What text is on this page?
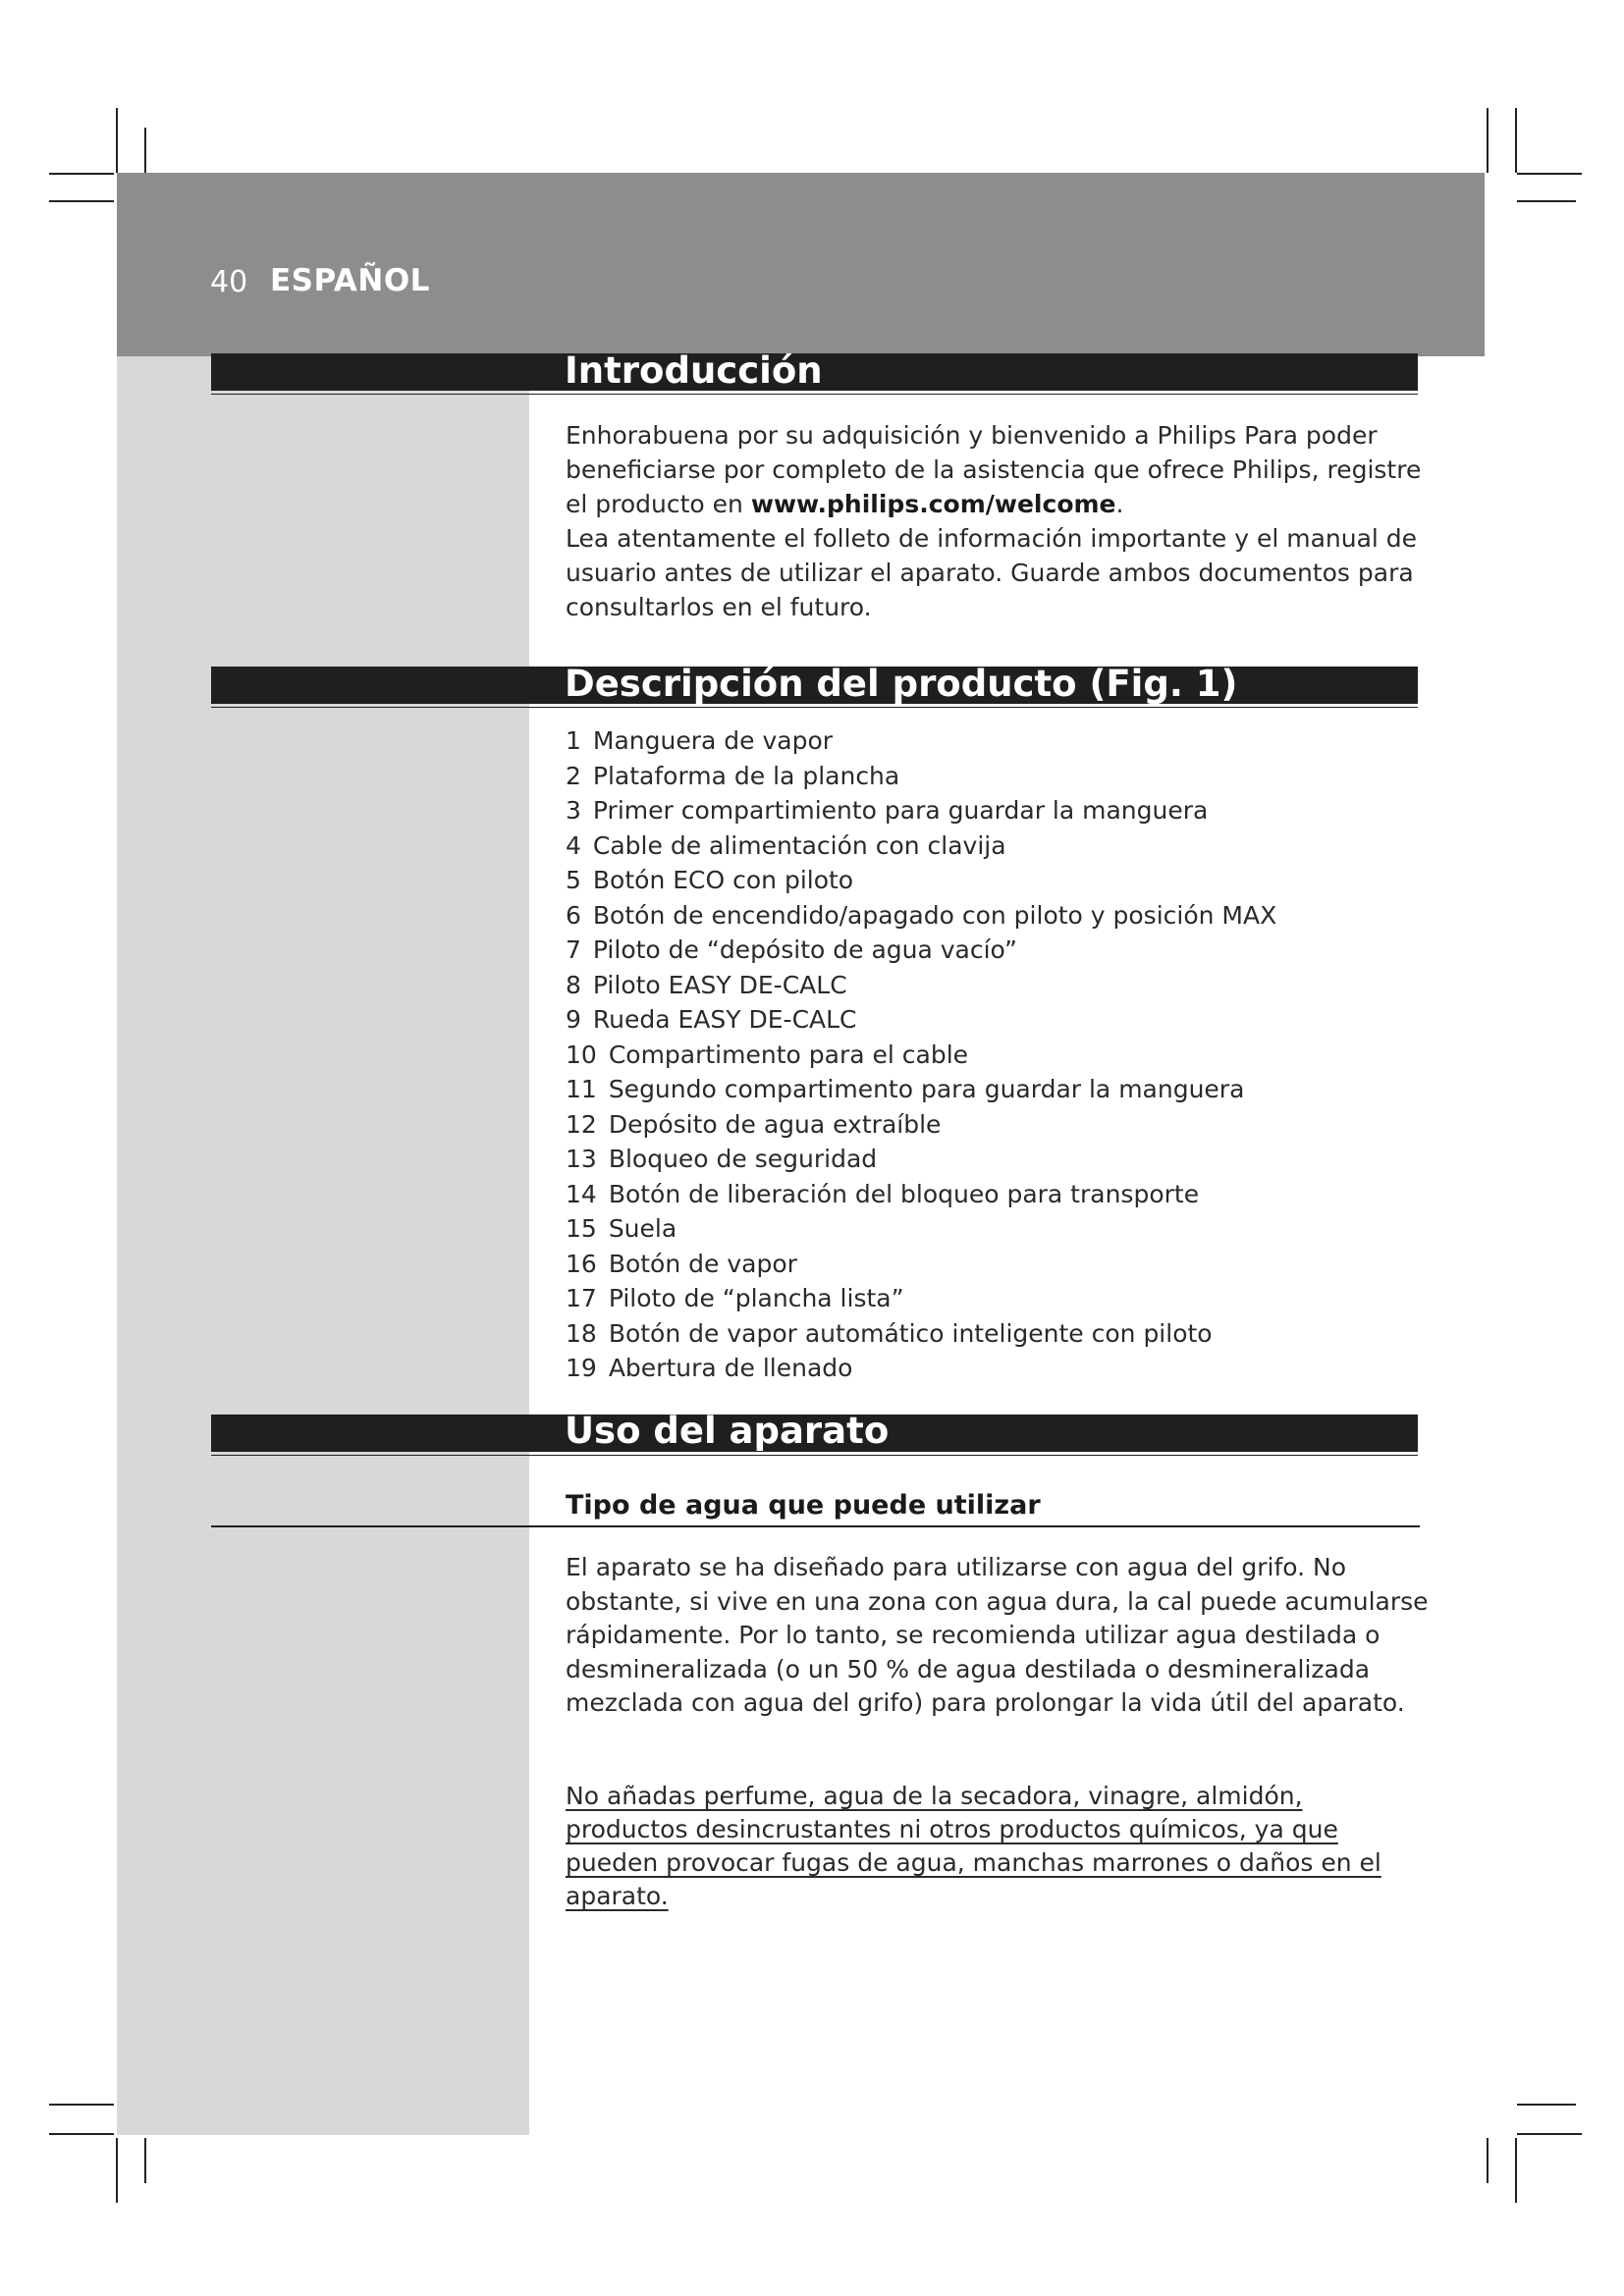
40 ESPAÑOL
Introducción

Enhorabuena por su adquisición y bienvenido a Philips Para poder beneficiarse por completo de la asistencia que ofrece Philips, registre el producto en www.philips.com/welcome.

Lea atentamente el folleto de información importante y el manual de usuario antes de utilizar el aparato. Guarde ambos documentos para consultarlos en el futuro.

Descripción del producto (Fig. 1)
1 Manguera de vapor
2 Plataforma de la plancha
3 Primer compartimiento para guardar la manguera
4 Cable de alimentación con clavija
5 Botón ECO con piloto
6 Botón de encendido/apagado con piloto y posición MAX
7 Piloto de “depósito de agua vacío”
8 Piloto EASY DE-CALC
9 Rueda EASY DE-CALC
10 Compartimento para el cable
11 Segundo compartimento para guardar la manguera
12 Depósito de agua extraíble
13 Bloqueo de seguridad
14 Botón de liberación del bloqueo para transporte
15 Suela
16 Botón de vapor
17 Piloto de “plancha lista”
18 Botón de vapor automático inteligente con piloto
19 Abertura de llenado
Uso del aparato
Tipo de agua que puede utilizar

El aparato se ha diseñado para utilizarse con agua del grifo. No obstante, si vive en una zona con agua dura, la cal puede acumularse rápidamente. Por lo tanto, se recomienda utilizar agua destilada o desmineralizada (o un 50 % de agua destilada o desmineralizada mezclada con agua del grifo) para prolongar la vida útil del aparato.

No añadas perfume, agua de la secadora, vinagre, almidón, productos desincrustantes ni otros productos químicos, ya que pueden provocar fugas de agua, manchas marrones o daños en el aparato.
